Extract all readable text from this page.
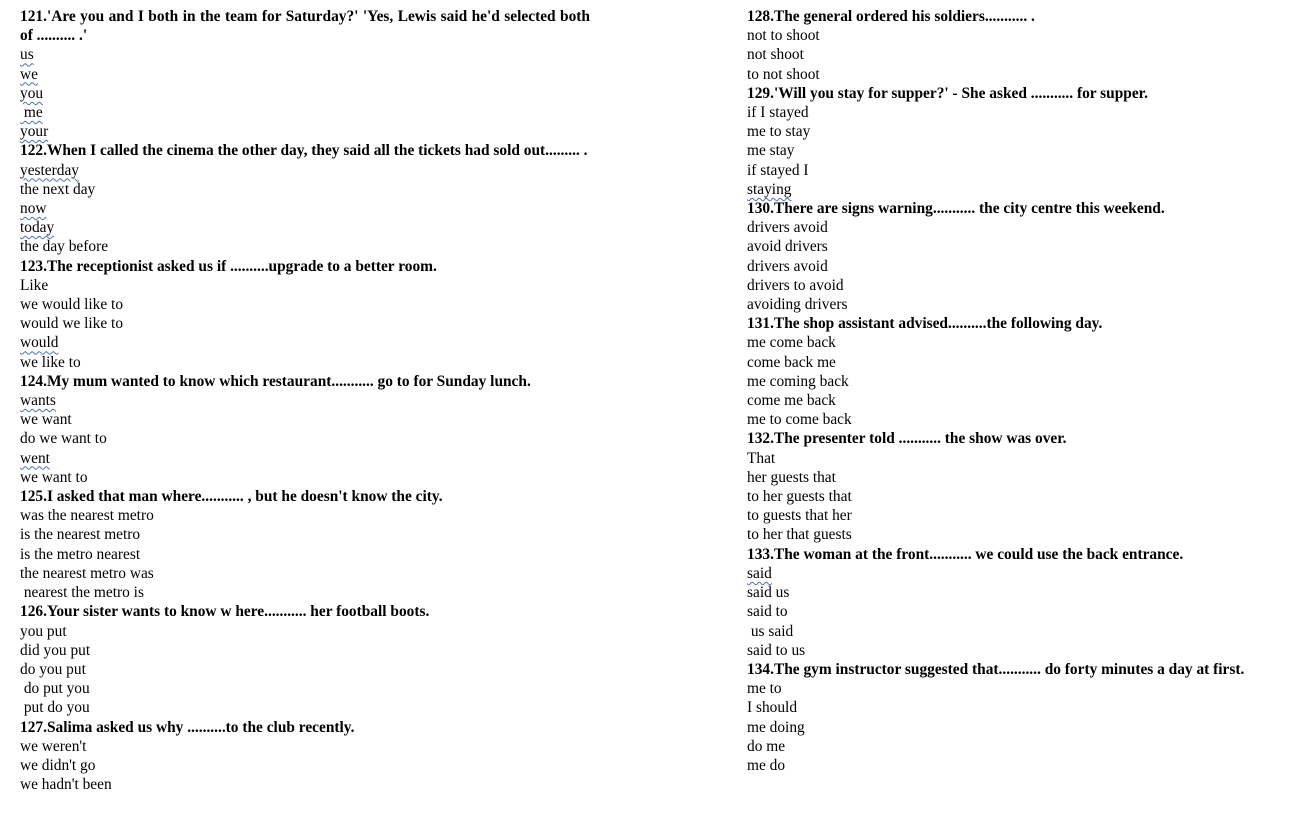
121.'Are you and I both in the team for Saturday?' 'Yes, Lewis said he'd selected both of .......... .'
us
we
you
me
your
122.When I called the cinema the other day, they said all the tickets had sold out......... .
yesterday
the next day
now
today
the day before
123.The receptionist asked us if ..........upgrade to a better room.
Like
we would like to
would we like to
would
we like to
124.My mum wanted to know which restaurant........... go to for Sunday lunch.
wants
we want
do we want to
went
we want to
125.I asked that man where........... , but he doesn't know the city.
was the nearest metro
is the nearest metro
is the metro nearest
the nearest metro was
nearest the metro is
126.Your sister wants to know w here........... her football boots.
you put
did you put
do you put
do put you
put do you
127.Salima asked us why ..........to the club recently.
we weren't
we didn't go
we hadn't been
128.The general ordered his soldiers........... .
not to shoot
not shoot
to not shoot
129.'Will you stay for supper?' - She asked ........... for supper.
if I stayed
me to stay
me stay
if stayed I
staying
130.There are signs warning........... the city centre this weekend.
drivers avoid
avoid drivers
drivers avoid
drivers to avoid
avoiding drivers
131.The shop assistant advised..........the following day.
me come back
come back me
me coming back
come me back
me to come back
132.The presenter told ........... the show was over.
That
her guests that
to her guests that
to guests that her
to her that guests
133.The woman at the front........... we could use the back entrance.
said
said us
said to
us said
said to us
134.The gym instructor suggested that........... do forty minutes a day at first.
me to
I should
me doing
do me
me do
